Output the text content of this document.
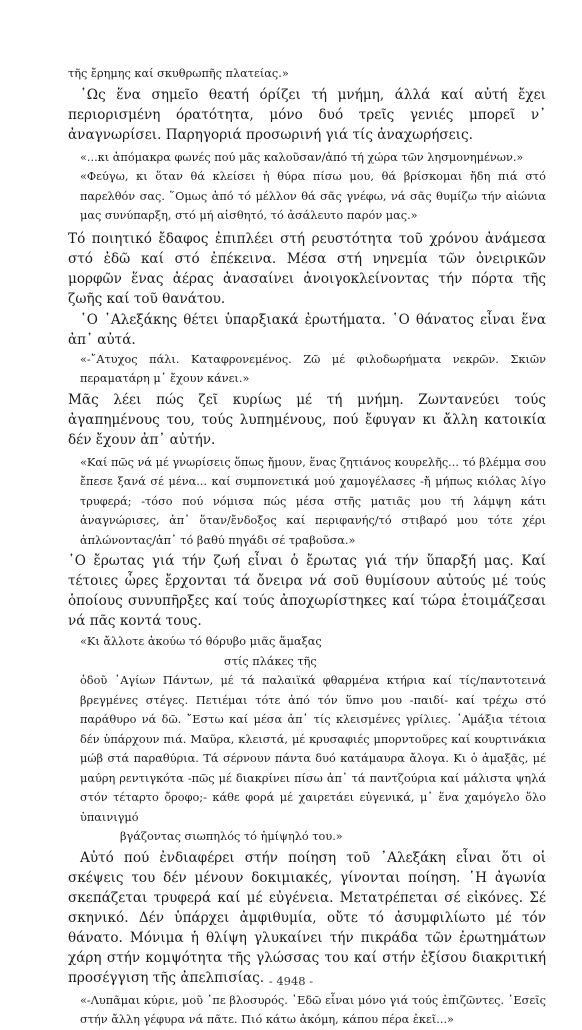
τῆς ἔρημης καί σκυθρωπῆς πλατείας.»

῾Ως ἕνα σημεῖο θεατή όρίζει τή μνήμη, άλλά καί αὐτή ἔχει περιορισμένη όρατότητα, μόνο δυό τρεῖς γενιές μπορεῖ ν᾽ ἀναγνωρίσει. Παρηγοριά προσωρινή γιά τίς ἀναχωρήσεις.

«...κι ἀπόμακρα φωνές πού μᾶς καλοῦσαν/ἀπό τή χώρα τῶν λησμονημένων.»

«Φεύγω, κι ὅταν θά κλείσει ἡ θύρα πίσω μου, θά βρίσκομαι ἤδη πιά στό παρελθόν σας. ῞Ομως ἀπό τό μέλλον θά σᾶς γνέφω, νά σᾶς θυμίζω τήν αἰώνια μας συνύπαρξη, στό μή αἰσθητό, τό ἀσάλευτο παρόν μας.»

Τό ποιητικό ἔδαφος ἐπιπλέει στή ρευστότητα τοῦ χρόνου ἀνάμεσα στό ἐδῶ καί στό ἐπέκεινα. Μέσα στή νηνεμία τῶν ὀνειρικῶν μορφῶν ἕνας ἀέρας ἀνασαίνει ἀνοιγοκλείνοντας τήν πόρτα τῆς ζωῆς καί τοῦ θανάτου.

῾Ο ᾽Αλεξάκης θέτει ὑπαρξιακά ἐρωτήματα. ῾Ο θάνατος εἶναι ἕνα ἀπ᾽ αὐτά.

«-῎Ατυχος πάλι. Καταφρονεμένος. Ζῶ μέ φιλοδωρήματα νεκρῶν. Σκιῶν περαματάρη μ᾽ ἔχουν κάνει.»

Μᾶς λέει πώς ζεῖ κυρίως μέ τή μνήμη. Ζωντανεύει τούς ἀγαπημένους του, τούς λυπημένους, πού ἔφυγαν κι ἄλλη κατοικία δέν ἔχουν ἀπ᾽ αὐτήν.

«Καί πῶς νά μέ γνωρίσεις ὅπως ἤμουν, ἕνας ζητιάνος κουρελῆς... τό βλέμμα σου ἔπεσε ξανά σέ μένα... καί συμπονετικά μού χαμογέλασες -ἤ μήπως κιόλας λίγο τρυφερά; -τόσο πού νόμισα πώς μέσα στῆς ματιᾶς μου τή λάμψη κάτι ἀναγνώρισες, ἀπ᾽ ὅταν/ἔνδοξος καί περιφανής/τό στιβαρό μου τότε χέρι ἁπλώνοντας/ἀπ᾽ τό βαθύ πηγάδι σέ τραβοῦσα.»

῾Ο ἔρωτας γιά τήν ζωή εἶναι ὁ ἔρωτας γιά τήν ὕπαρξή μας. Καί τέτοιες ὧρες ἔρχονται τά ὄνειρα νά σοῦ θυμίσουν αὐτούς μέ τούς ὁποίους συνυπῆρξες καί τούς ἀποχωρίστηκες καί τώρα ἑτοιμάζεσαι νά πᾶς κοντά τους.

«Κι ἄλλοτε ἀκούω τό θόρυβο μιᾶς ἅμαξας

στίς πλάκες τῆς

ὁδοῦ ῾Αγίων Πάντων, μέ τά παλαιϊκά φθαρμένα κτήρια καί τίς/παντοτεινά βρεγμένες στέγες. Πετιέμαι τότε ἀπό τόν ὕπνο μου -παιδί- καί τρέχω στό παράθυρο νά δῶ. ῎Εστω καί μέσα ἀπ᾽ τίς κλεισμένες γρίλιες. ᾽Αμάξια τέτοια δέν ὑπάρχουν πιά. Μαῦρα, κλειστά, μέ κρυσαφιές μπορντοῦρες καί κουρτινάκια μώβ στά παραθύρια. Τά σέρνουν πάντα δυό κατάμαυρα ἄλογα. Κι ὁ ἁμαξᾶς, μέ μαύρη ρεντιγκότα -πῶς μέ διακρίνει πίσω ἀπ᾽ τά παντζούρια καί μάλιστα ψηλά στόν τέταρτο ὄροφο;- κάθε φορά μέ χαιρετάει εὐγενικά, μ᾽ ἕνα χαμόγελο ὅλο ὑπαινιγμό

βγάζοντας σιωπηλός τό ἡμίψηλό του.»

Αὐτό πού ἐνδιαφέρει στήν ποίηση τοῦ ᾽Αλεξάκη εἶναι ὅτι οἱ σκέψεις του δέν μένουν δοκιμιακές, γίνονται ποίηση. ῾Η ἀγωνία σκεπάζεται τρυφερά καί μέ εὐγένεια. Μετατρέπεται σέ εἰκόνες. Σέ σκηνικό. Δέν ὑπάρχει ἀμφιθυμία, οὔτε τό ἀσυμφιλίωτο μέ τόν θάνατο. Μόνιμα ἡ θλίψη γλυκαίνει τήν πικράδα τῶν ἐρωτημάτων χάρη στήν κομψότητα τῆς γλώσσας του καί στήν ἐξίσου διακριτική προσέγγιση τῆς ἀπελπισίας.

«-Λυπᾶμαι κύριε, μοῦ ᾽πε βλοσυρός. ᾽Εδῶ εἶναι μόνο γιά τούς ἐπιζῶντες. ᾽Εσεῖς στήν ἄλλη γέφυρα νά πᾶτε. Πιό κάτω ἀκόμη, κάπου πέρα ἐκεῖ...»

- 4948 -
